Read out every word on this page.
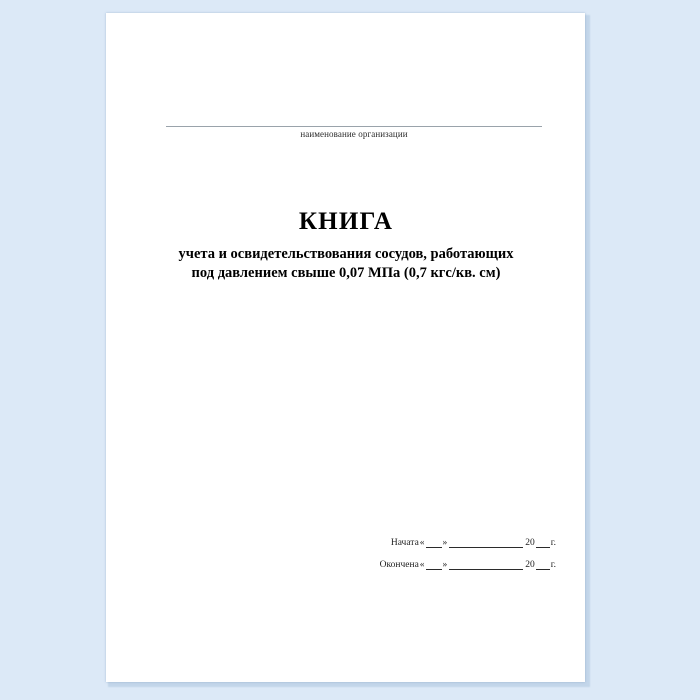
наименование организации
КНИГА
учета и освидетельствования сосудов, работающих
под давлением свыше 0,07 МПа (0,7 кгс/кв. см)
Начата « »	20 г.
Окончена « »	20 г.
